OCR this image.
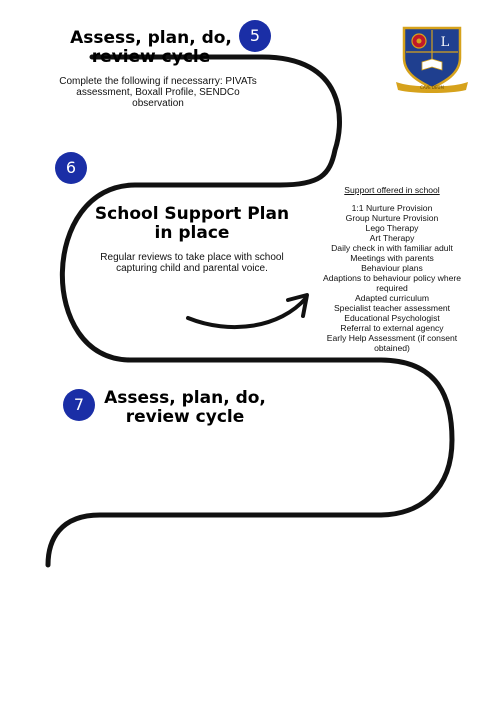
L
CAVE DEUM
Assess, plan, do, review cycle
5
Complete the following if necessarry: PIVATs assessment, Boxall Profile, SENDCo observation
6
School Support Plan in place
Regular reviews to take place with school capturing child and parental voice.
Support offered in school
1:1 Nurture Provision
Group Nurture Provision
Lego Therapy
Art Therapy
Daily check in with familiar adult
Meetings with parents
Behaviour plans
Adaptions to behaviour policy where required
Adapted curriculum
Specialist teacher assessment
Educational Psychologist
Referral to external agency
Early Help Assessment (if consent obtained)
7	Assess, plan, do, review cycle
